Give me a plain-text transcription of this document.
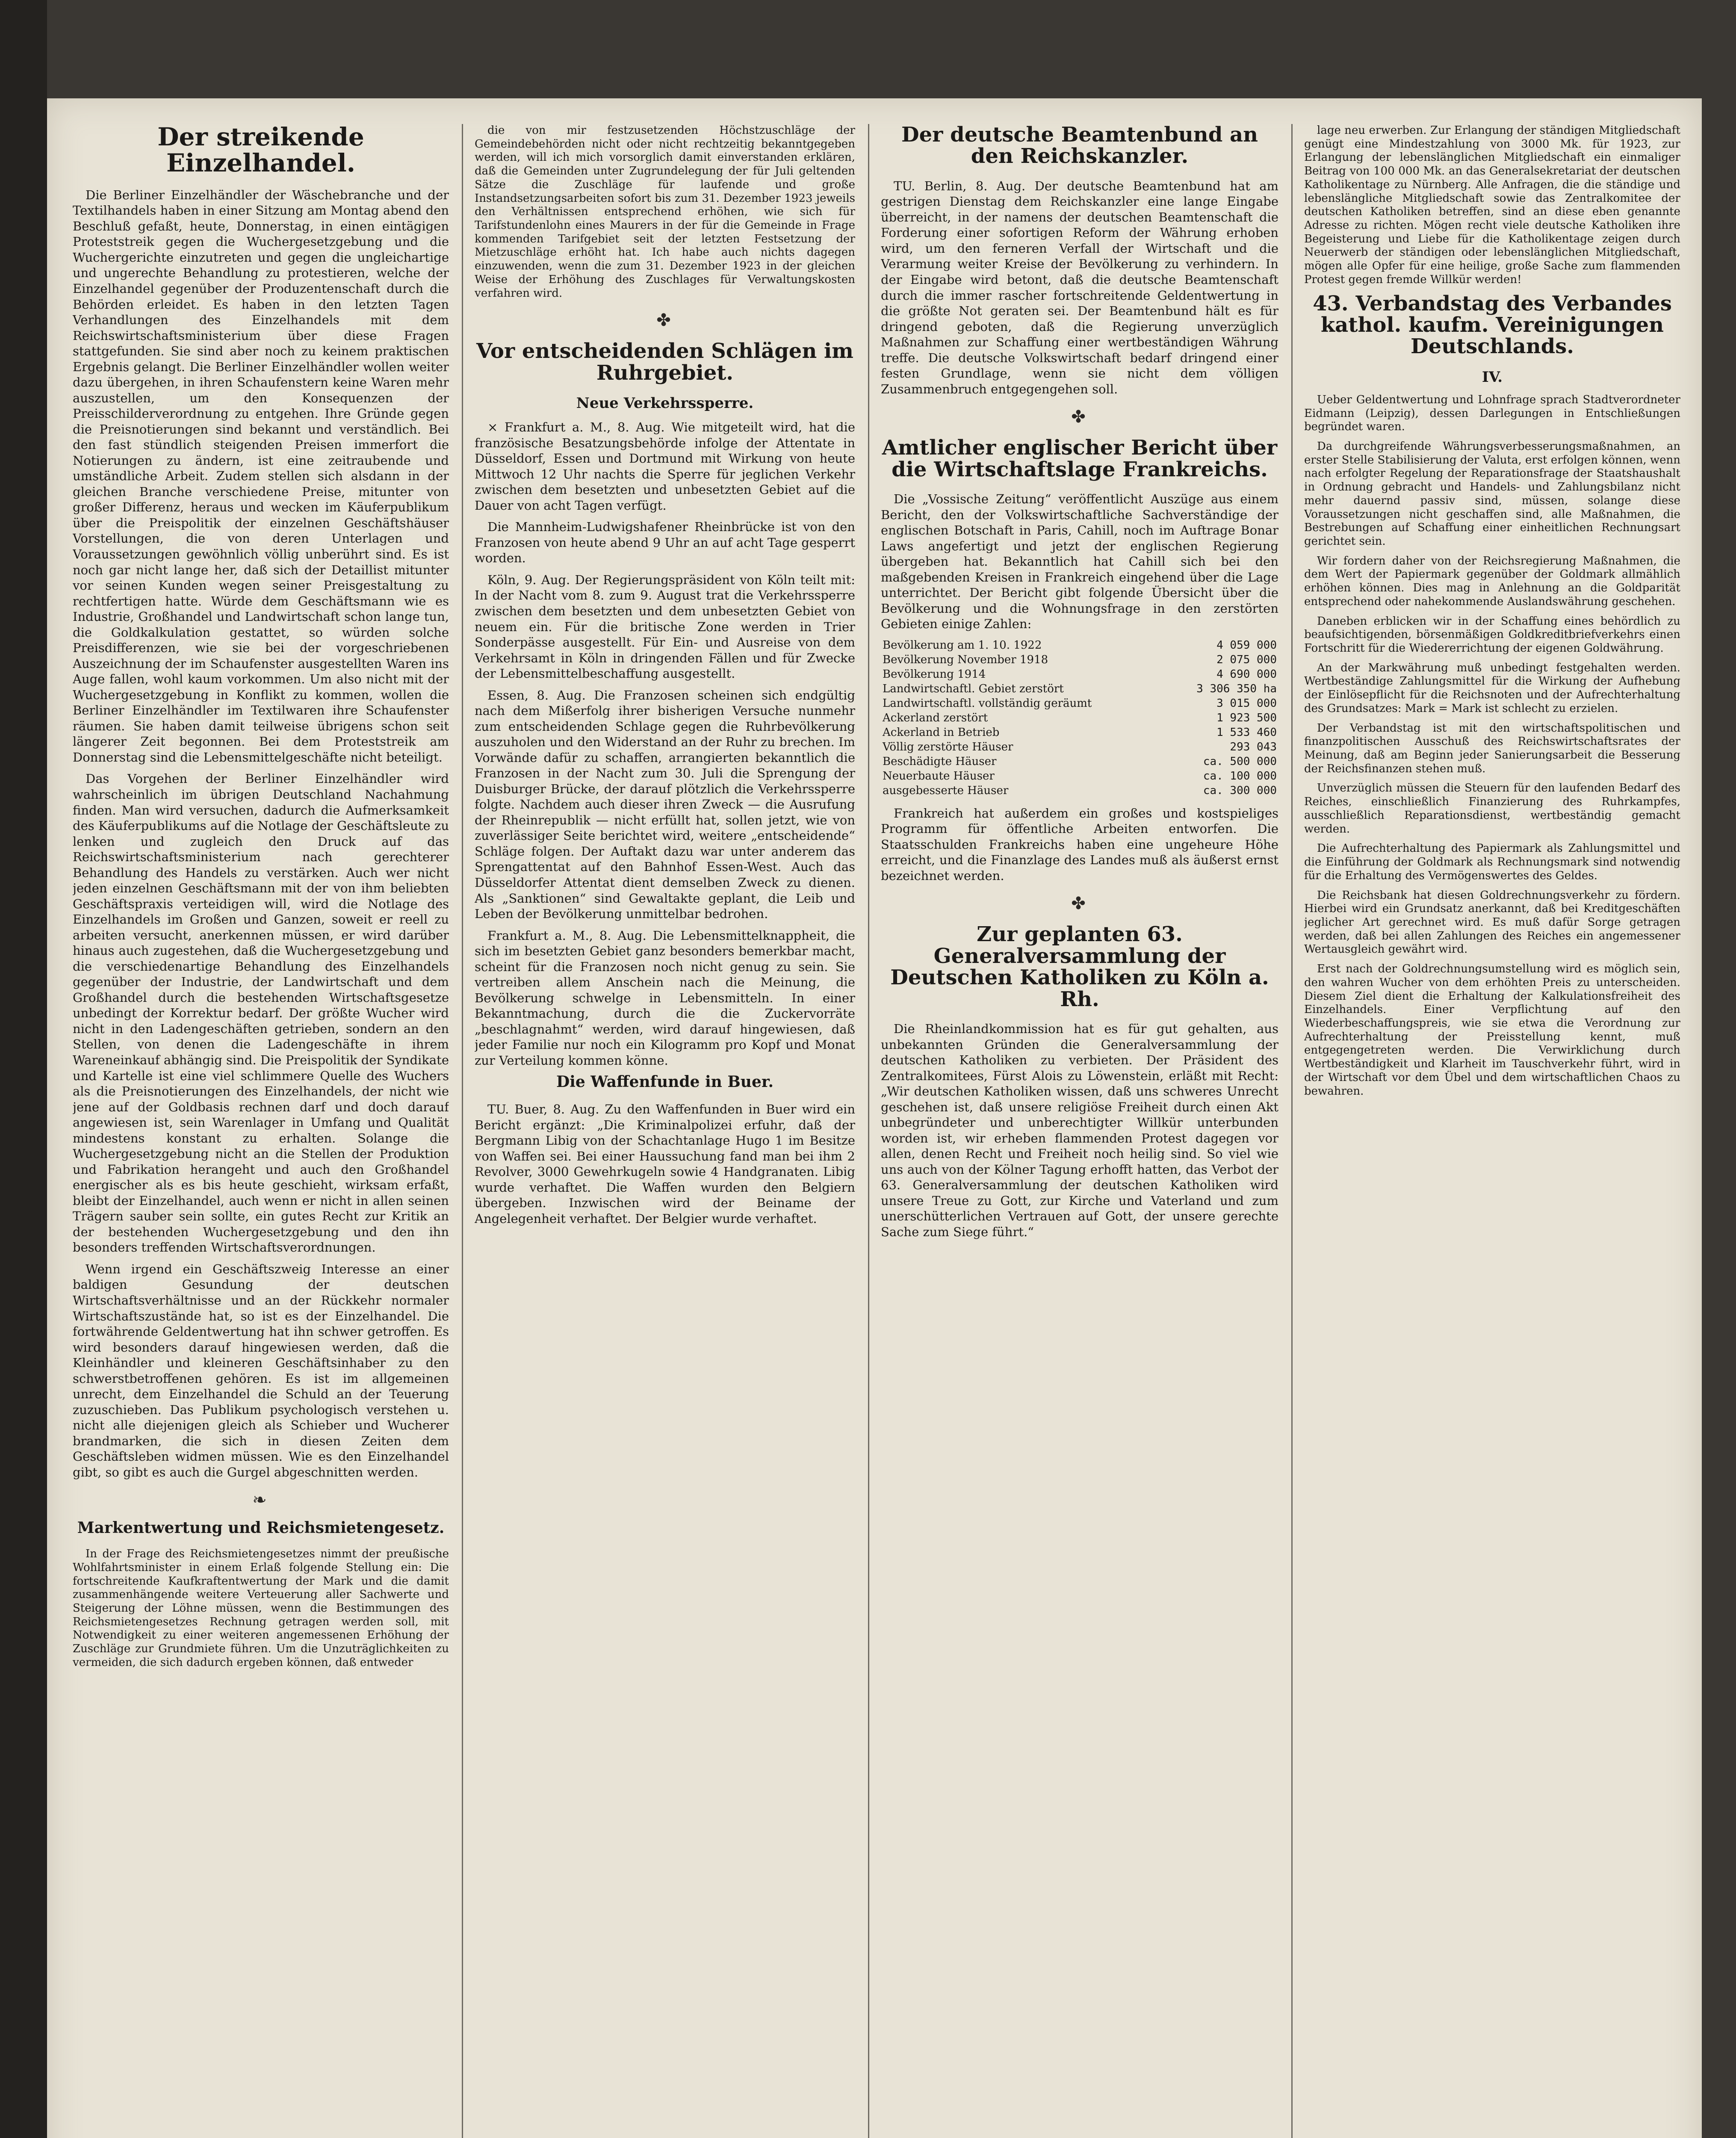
Der streikende Einzelhandel.

Die Berliner Einzelhändler der Wäschebranche und der Textilhandels haben in einer Sitzung am Montag abend den Beschluß gefaßt, heute, Donnerstag, in einen eintägigen Proteststreik gegen die Wuchergesetzgebung und die Wuchergerichte einzutreten und gegen die ungleichartige und ungerechte Behandlung zu protestieren, welche der Einzelhandel gegenüber der Produzentenschaft durch die Behörden erleidet. Es haben in den letzten Tagen Verhandlungen des Einzelhandels mit dem Reichswirtschaftsministerium über diese Fragen stattgefunden. Sie sind aber noch zu keinem praktischen Ergebnis gelangt. Die Berliner Einzelhändler wollen weiter dazu übergehen, in ihren Schaufenstern keine Waren mehr auszustellen, um den Konsequenzen der Preisschilderverordnung zu entgehen. Ihre Gründe gegen die Preisnotierungen sind bekannt und verständlich. Bei den fast stündlich steigenden Preisen immerfort die Notierungen zu ändern, ist eine zeitraubende und umständliche Arbeit. Zudem stellen sich alsdann in der gleichen Branche verschiedene Preise, mitunter von großer Differenz, heraus und wecken im Käuferpublikum über die Preispolitik der einzelnen Geschäftshäuser Vorstellungen, die von deren Unterlagen und Voraussetzungen gewöhnlich völlig unberührt sind. Es ist noch gar nicht lange her, daß sich der Detaillist mitunter vor seinen Kunden wegen seiner Preisgestaltung zu rechtfertigen hatte. Würde dem Geschäftsmann wie es Industrie, Großhandel und Landwirtschaft schon lange tun, die Goldkalkulation gestattet, so würden solche Preisdifferenzen, wie sie bei der vorgeschriebenen Auszeichnung der im Schaufenster ausgestellten Waren ins Auge fallen, wohl kaum vorkommen. Um also nicht mit der Wuchergesetzgebung in Konflikt zu kommen, wollen die Berliner Einzelhändler im Textilwaren ihre Schaufenster räumen. Sie haben damit teilweise übrigens schon seit längerer Zeit begonnen. Bei dem Proteststreik am Donnerstag sind die Lebensmittelgeschäfte nicht beteiligt.

Das Vorgehen der Berliner Einzelhändler wird wahrscheinlich im übrigen Deutschland Nachahmung finden. Man wird versuchen, dadurch die Aufmerksamkeit des Käuferpublikums auf die Notlage der Geschäftsleute zu lenken und zugleich den Druck auf das Reichswirtschaftsministerium nach gerechterer Behandlung des Handels zu verstärken. Auch wer nicht jeden einzelnen Geschäftsmann mit der von ihm beliebten Geschäftspraxis verteidigen will, wird die Notlage des Einzelhandels im Großen und Ganzen, soweit er reell zu arbeiten versucht, anerkennen müssen, er wird darüber hinaus auch zugestehen, daß die Wuchergesetzgebung und die verschiedenartige Behandlung des Einzelhandels gegenüber der Industrie, der Landwirtschaft und dem Großhandel durch die bestehenden Wirtschaftsgesetze unbedingt der Korrektur bedarf. Der größte Wucher wird nicht in den Ladengeschäften getrieben, sondern an den Stellen, von denen die Ladengeschäfte in ihrem Wareneinkauf abhängig sind. Die Preispolitik der Syndikate und Kartelle ist eine viel schlimmere Quelle des Wuchers als die Preisnotierungen des Einzelhandels, der nicht wie jene auf der Goldbasis rechnen darf und doch darauf angewiesen ist, sein Warenlager in Umfang und Qualität mindestens konstant zu erhalten. Solange die Wuchergesetzgebung nicht an die Stellen der Produktion und Fabrikation herangeht und auch den Großhandel energischer als es bis heute geschieht, wirksam erfaßt, bleibt der Einzelhandel, auch wenn er nicht in allen seinen Trägern sauber sein sollte, ein gutes Recht zur Kritik an der bestehenden Wuchergesetzgebung und den ihn besonders treffenden Wirtschaftsverordnungen.

Wenn irgend ein Geschäftszweig Interesse an einer baldigen Gesundung der deutschen Wirtschaftsverhältnisse und an der Rückkehr normaler Wirtschaftszustände hat, so ist es der Einzelhandel. Die fortwährende Geldentwertung hat ihn schwer getroffen. Es wird besonders darauf hingewiesen werden, daß die Kleinhändler und kleineren Geschäftsinhaber zu den schwerstbetroffenen gehören. Es ist im allgemeinen unrecht, dem Einzelhandel die Schuld an der Teuerung zuzuschieben. Das Publikum psychologisch verstehen u. nicht alle diejenigen gleich als Schieber und Wucherer brandmarken, die sich in diesen Zeiten dem Geschäftsleben widmen müssen. Wie es den Einzelhandel gibt, so gibt es auch die Gurgel abgeschnitten werden.

❧
Markentwertung und Reichsmietengesetz.

In der Frage des Reichsmietengesetzes nimmt der preußische Wohlfahrtsminister in einem Erlaß folgende Stellung ein: Die fortschreitende Kaufkraftentwertung der Mark und die damit zusammenhängende weitere Verteuerung aller Sachwerte und Steigerung der Löhne müssen, wenn die Bestimmungen des Reichsmietengesetzes Rechnung getragen werden soll, mit Notwendigkeit zu einer weiteren angemessenen Erhöhung der Zuschläge zur Grundmiete führen. Um die Unzuträglichkeiten zu vermeiden, die sich dadurch ergeben können, daß entweder

die von mir festzusetzenden Höchstzuschläge der Gemeindebehörden nicht oder nicht rechtzeitig bekanntgegeben werden, will ich mich vorsorglich damit einverstanden erklären, daß die Gemeinden unter Zugrundelegung der für Juli geltenden Sätze die Zuschläge für laufende und große Instandsetzungsarbeiten sofort bis zum 31. Dezember 1923 jeweils den Verhältnissen entsprechend erhöhen, wie sich für Tarifstundenlohn eines Maurers in der für die Gemeinde in Frage kommenden Tarifgebiet seit der letzten Festsetzung der Mietzuschläge erhöht hat. Ich habe auch nichts dagegen einzuwenden, wenn die zum 31. Dezember 1923 in der gleichen Weise der Erhöhung des Zuschlages für Verwaltungskosten verfahren wird.

✤
Vor entscheidenden Schlägen im Ruhrgebiet.
Neue Verkehrssperre.

× Frankfurt a. M., 8. Aug. Wie mitgeteilt wird, hat die französische Besatzungsbehörde infolge der Attentate in Düsseldorf, Essen und Dortmund mit Wirkung von heute Mittwoch 12 Uhr nachts die Sperre für jeglichen Verkehr zwischen dem besetzten und unbesetzten Gebiet auf die Dauer von acht Tagen verfügt.

Die Mannheim-Ludwigshafener Rheinbrücke ist von den Franzosen von heute abend 9 Uhr an auf acht Tage gesperrt worden.

Köln, 9. Aug. Der Regierungspräsident von Köln teilt mit: In der Nacht vom 8. zum 9. August trat die Verkehrssperre zwischen dem besetzten und dem unbesetzten Gebiet von neuem ein. Für die britische Zone werden in Trier Sonderpässe ausgestellt. Für Ein- und Ausreise von dem Verkehrsamt in Köln in dringenden Fällen und für Zwecke der Lebensmittelbeschaffung ausgestellt.

Essen, 8. Aug. Die Franzosen scheinen sich endgültig nach dem Mißerfolg ihrer bisherigen Versuche nunmehr zum entscheidenden Schlage gegen die Ruhrbevölkerung auszuholen und den Widerstand an der Ruhr zu brechen. Im Vorwände dafür zu schaffen, arrangierten bekanntlich die Franzosen in der Nacht zum 30. Juli die Sprengung der Duisburger Brücke, der darauf plötzlich die Verkehrssperre folgte. Nachdem auch dieser ihren Zweck — die Ausrufung der Rheinrepublik — nicht erfüllt hat, sollen jetzt, wie von zuverlässiger Seite berichtet wird, weitere „entscheidende“ Schläge folgen. Der Auftakt dazu war unter anderem das Sprengattentat auf den Bahnhof Essen-West. Auch das Düsseldorfer Attentat dient demselben Zweck zu dienen. Als „Sanktionen“ sind Gewaltakte geplant, die Leib und Leben der Bevölkerung unmittelbar bedrohen.

Frankfurt a. M., 8. Aug. Die Lebensmittelknappheit, die sich im besetzten Gebiet ganz besonders bemerkbar macht, scheint für die Franzosen noch nicht genug zu sein. Sie vertreiben allem Anschein nach die Meinung, die Bevölkerung schwelge in Lebensmitteln. In einer Bekanntmachung, durch die die Zuckervorräte „beschlagnahmt“ werden, wird darauf hingewiesen, daß jeder Familie nur noch ein Kilogramm pro Kopf und Monat zur Verteilung kommen könne.

Die Waffenfunde in Buer.

TU. Buer, 8. Aug. Zu den Waffenfunden in Buer wird ein Bericht ergänzt: „Die Kriminalpolizei erfuhr, daß der Bergmann Libig von der Schachtanlage Hugo 1 im Besitze von Waffen sei. Bei einer Haussuchung fand man bei ihm 2 Revolver, 3000 Gewehrkugeln sowie 4 Handgranaten. Libig wurde verhaftet. Die Waffen wurden den Belgiern übergeben. Inzwischen wird der Beiname der Angelegenheit verhaftet. Der Belgier wurde verhaftet.

Der deutsche Beamtenbund an den Reichskanzler.

TU. Berlin, 8. Aug. Der deutsche Beamtenbund hat am gestrigen Dienstag dem Reichskanzler eine lange Eingabe überreicht, in der namens der deutschen Beamtenschaft die Forderung einer sofortigen Reform der Währung erhoben wird, um den ferneren Verfall der Wirtschaft und die Verarmung weiter Kreise der Bevölkerung zu verhindern. In der Eingabe wird betont, daß die deutsche Beamtenschaft durch die immer rascher fortschreitende Geldentwertung in die größte Not geraten sei. Der Beamtenbund hält es für dringend geboten, daß die Regierung unverzüglich Maßnahmen zur Schaffung einer wertbeständigen Währung treffe. Die deutsche Volkswirtschaft bedarf dringend einer festen Grundlage, wenn sie nicht dem völligen Zusammenbruch entgegengehen soll.

✤
Amtlicher englischer Bericht über die Wirtschaftslage Frankreichs.

Die „Vossische Zeitung“ veröffentlicht Auszüge aus einem Bericht, den der Volkswirtschaftliche Sachverständige der englischen Botschaft in Paris, Cahill, noch im Auftrage Bonar Laws angefertigt und jetzt der englischen Regierung übergeben hat. Bekanntlich hat Cahill sich bei den maßgebenden Kreisen in Frankreich eingehend über die Lage unterrichtet. Der Bericht gibt folgende Übersicht über die Bevölkerung und die Wohnungsfrage in den zerstörten Gebieten einige Zahlen:

Bevölkerung am 1. 10. 1922	4 059 000
Bevölkerung November 1918	2 075 000
Bevölkerung 1914	4 690 000
Landwirtschaftl. Gebiet zerstört	3 306 350 ha
Landwirtschaftl. vollständig geräumt	3 015 000
Ackerland zerstört	1 923 500
Ackerland in Betrieb	1 533 460
Völlig zerstörte Häuser	293 043
Beschädigte Häuser	ca. 500 000
Neuerbaute Häuser	ca. 100 000
ausgebesserte Häuser	ca. 300 000

Frankreich hat außerdem ein großes und kostspieliges Programm für öffentliche Arbeiten entworfen. Die Staatsschulden Frankreichs haben eine ungeheure Höhe erreicht, und die Finanzlage des Landes muß als äußerst ernst bezeichnet werden.

✤
Zur geplanten 63. Generalversammlung der Deutschen Katholiken zu Köln a. Rh.

Die Rheinlandkommission hat es für gut gehalten, aus unbekannten Gründen die Generalversammlung der deutschen Katholiken zu verbieten. Der Präsident des Zentralkomitees, Fürst Alois zu Löwenstein, erläßt mit Recht: „Wir deutschen Katholiken wissen, daß uns schweres Unrecht geschehen ist, daß unsere religiöse Freiheit durch einen Akt unbegründeter und unberechtigter Willkür unterbunden worden ist, wir erheben flammenden Protest dagegen vor allen, denen Recht und Freiheit noch heilig sind. So viel wie uns auch von der Kölner Tagung erhofft hatten, das Verbot der 63. Generalversammlung der deutschen Katholiken wird unsere Treue zu Gott, zur Kirche und Vaterland und zum unerschütterlichen Vertrauen auf Gott, der unsere gerechte Sache zum Siege führt.“

lage neu erwerben. Zur Erlangung der ständigen Mitgliedschaft genügt eine Mindestzahlung von 3000 Mk. für 1923, zur Erlangung der lebenslänglichen Mitgliedschaft ein einmaliger Beitrag von 100 000 Mk. an das Generalsekretariat der deutschen Katholikentage zu Nürnberg. Alle Anfragen, die die ständige und lebenslängliche Mitgliedschaft sowie das Zentralkomitee der deutschen Katholiken betreffen, sind an diese eben genannte Adresse zu richten. Mögen recht viele deutsche Katholiken ihre Begeisterung und Liebe für die Katholikentage zeigen durch Neuerwerb der ständigen oder lebenslänglichen Mitgliedschaft, mögen alle Opfer für eine heilige, große Sache zum flammenden Protest gegen fremde Willkür werden!

43. Verbandstag des Verbandes kathol. kaufm. Vereinigungen Deutschlands.
IV.

Ueber Geldentwertung und Lohnfrage sprach Stadtverordneter Eidmann (Leipzig), dessen Darlegungen in Entschließungen begründet waren.

Da durchgreifende Währungsverbesserungsmaßnahmen, an erster Stelle Stabilisierung der Valuta, erst erfolgen können, wenn nach erfolgter Regelung der Reparationsfrage der Staatshaushalt in Ordnung gebracht und Handels- und Zahlungsbilanz nicht mehr dauernd passiv sind, müssen, solange diese Voraussetzungen nicht geschaffen sind, alle Maßnahmen, die Bestrebungen auf Schaffung einer einheitlichen Rechnungsart gerichtet sein.

Wir fordern daher von der Reichsregierung Maßnahmen, die dem Wert der Papiermark gegenüber der Goldmark allmählich erhöhen können. Dies mag in Anlehnung an die Goldparität entsprechend oder nahekommende Auslandswährung geschehen.

Daneben erblicken wir in der Schaffung eines behördlich zu beaufsichtigenden, börsenmäßigen Goldkreditbriefverkehrs einen Fortschritt für die Wiedererrichtung der eigenen Goldwährung.

An der Markwährung muß unbedingt festgehalten werden. Wertbeständige Zahlungsmittel für die Wirkung der Aufhebung der Einlösepflicht für die Reichsnoten und der Aufrechterhaltung des Grundsatzes: Mark = Mark ist schlecht zu erzielen.

Der Verbandstag ist mit den wirtschaftspolitischen und finanzpolitischen Ausschuß des Reichswirtschaftsrates der Meinung, daß am Beginn jeder Sanierungsarbeit die Besserung der Reichsfinanzen stehen muß.

Unverzüglich müssen die Steuern für den laufenden Bedarf des Reiches, einschließlich Finanzierung des Ruhrkampfes, ausschließlich Reparationsdienst, wertbeständig gemacht werden.

Die Aufrechterhaltung des Papiermark als Zahlungsmittel und die Einführung der Goldmark als Rechnungsmark sind notwendig für die Erhaltung des Vermögenswertes des Geldes.

Die Reichsbank hat diesen Goldrechnungsverkehr zu fördern. Hierbei wird ein Grundsatz anerkannt, daß bei Kreditgeschäften jeglicher Art gerechnet wird. Es muß dafür Sorge getragen werden, daß bei allen Zahlungen des Reiches ein angemessener Wertausgleich gewährt wird.

Erst nach der Goldrechnungsumstellung wird es möglich sein, den wahren Wucher von dem erhöhten Preis zu unterscheiden. Diesem Ziel dient die Erhaltung der Kalkulationsfreiheit des Einzelhandels. Einer Verpflichtung auf den Wiederbeschaffungspreis, wie sie etwa die Verordnung zur Aufrechterhaltung der Preisstellung kennt, muß entgegengetreten werden. Die Verwirklichung durch Wertbeständigkeit und Klarheit im Tauschverkehr führt, wird in der Wirtschaft vor dem Übel und dem wirtschaftlichen Chaos zu bewahren.
